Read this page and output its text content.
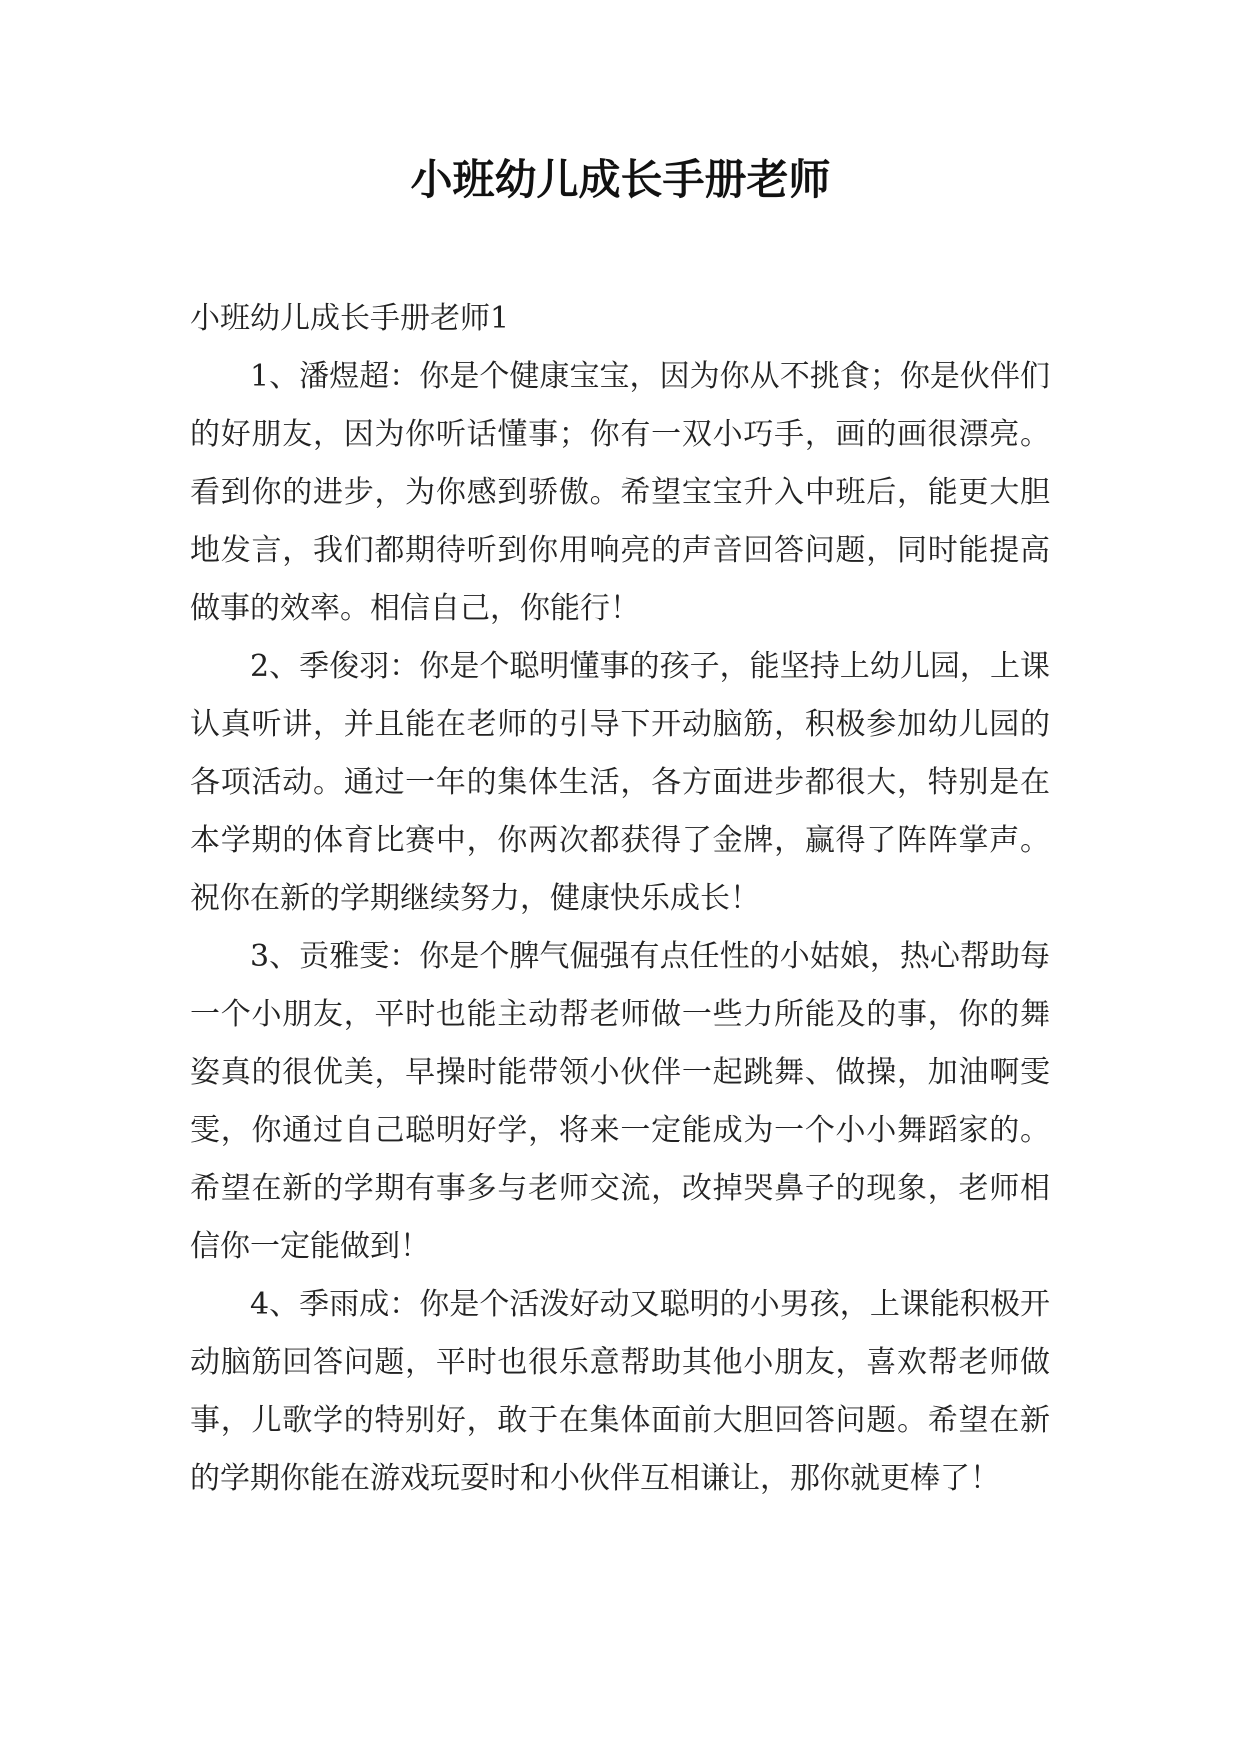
小班幼儿成长手册老师

小班幼儿成长手册老师1

1、潘煜超：你是个健康宝宝，因为你从不挑食；你是伙伴们的好朋友，因为你听话懂事；你有一双小巧手，画的画很漂亮。看到你的进步，为你感到骄傲。希望宝宝升入中班后，能更大胆地发言，我们都期待听到你用响亮的声音回答问题，同时能提高做事的效率。相信自己，你能行！

2、季俊羽：你是个聪明懂事的孩子，能坚持上幼儿园，上课认真听讲，并且能在老师的引导下开动脑筋，积极参加幼儿园的各项活动。通过一年的集体生活，各方面进步都很大，特别是在本学期的体育比赛中，你两次都获得了金牌，赢得了阵阵掌声。祝你在新的学期继续努力，健康快乐成长！

3、贡雅雯：你是个脾气倔强有点任性的小姑娘，热心帮助每一个小朋友，平时也能主动帮老师做一些力所能及的事，你的舞姿真的很优美，早操时能带领小伙伴一起跳舞、做操，加油啊雯雯，你通过自己聪明好学，将来一定能成为一个小小舞蹈家的。希望在新的学期有事多与老师交流，改掉哭鼻子的现象，老师相信你一定能做到！

4、季雨成：你是个活泼好动又聪明的小男孩，上课能积极开动脑筋回答问题，平时也很乐意帮助其他小朋友，喜欢帮老师做事，儿歌学的特别好，敢于在集体面前大胆回答问题。希望在新的学期你能在游戏玩耍时和小伙伴互相谦让，那你就更棒了！
